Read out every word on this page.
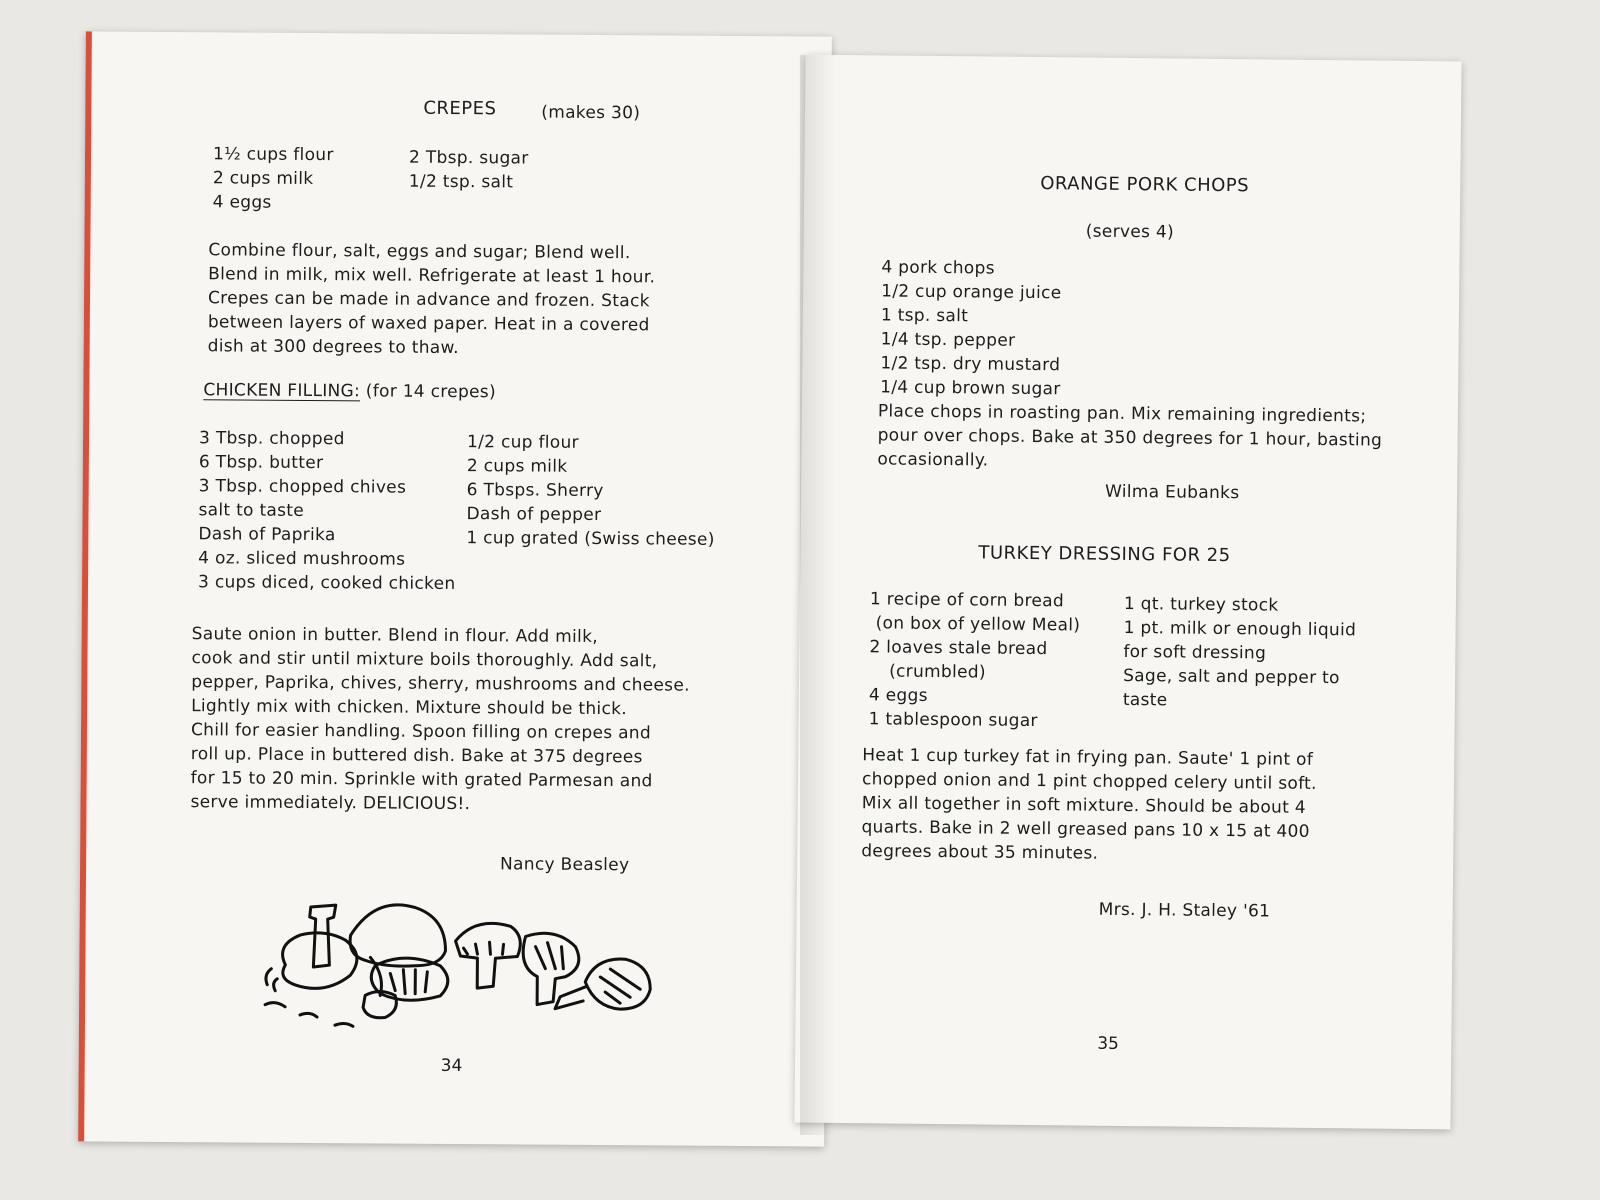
CREPES	(makes 30)
1½ cups flour
2 cups milk
4 eggs
2 Tbsp. sugar
1/2 tsp. salt
Combine flour, salt, eggs and sugar; Blend well.
Blend in milk, mix well. Refrigerate at least 1 hour.
Crepes can be made in advance and frozen. Stack
between layers of waxed paper. Heat in a covered
dish at 300 degrees to thaw.
CHICKEN FILLING: (for 14 crepes)
3 Tbsp. chopped
6 Tbsp. butter
3 Tbsp. chopped chives
salt to taste
Dash of Paprika
4 oz. sliced mushrooms
3 cups diced, cooked chicken
1/2 cup flour
2 cups milk
6 Tbsps. Sherry
Dash of pepper
1 cup grated (Swiss cheese)
Saute onion in butter. Blend in flour. Add milk,
cook and stir until mixture boils thoroughly. Add salt,
pepper, Paprika, chives, sherry, mushrooms and cheese.
Lightly mix with chicken. Mixture should be thick.
Chill for easier handling. Spoon filling on crepes and
roll up. Place in buttered dish. Bake at 375 degrees
for 15 to 20 min. Sprinkle with grated Parmesan and
serve immediately. DELICIOUS!.
Nancy Beasley
34
ORANGE PORK CHOPS
(serves 4)
4 pork chops
1/2 cup orange juice
1 tsp. salt
1/4 tsp. pepper
1/2 tsp. dry mustard
1/4 cup brown sugar
Place chops in roasting pan. Mix remaining ingredients;
pour over chops. Bake at 350 degrees for 1 hour, basting
occasionally.
Wilma Eubanks
TURKEY DRESSING FOR 25
1 recipe of corn bread
(on box of yellow Meal)
2 loaves stale bread
(crumbled)
4 eggs
1 tablespoon sugar
1 qt. turkey stock
1 pt. milk or enough liquid
for soft dressing
Sage, salt and pepper to
taste
Heat 1 cup turkey fat in frying pan. Saute' 1 pint of
chopped onion and 1 pint chopped celery until soft.
Mix all together in soft mixture. Should be about 4
quarts. Bake in 2 well greased pans 10 x 15 at 400
degrees about 35 minutes.
Mrs. J. H. Staley '61
35
